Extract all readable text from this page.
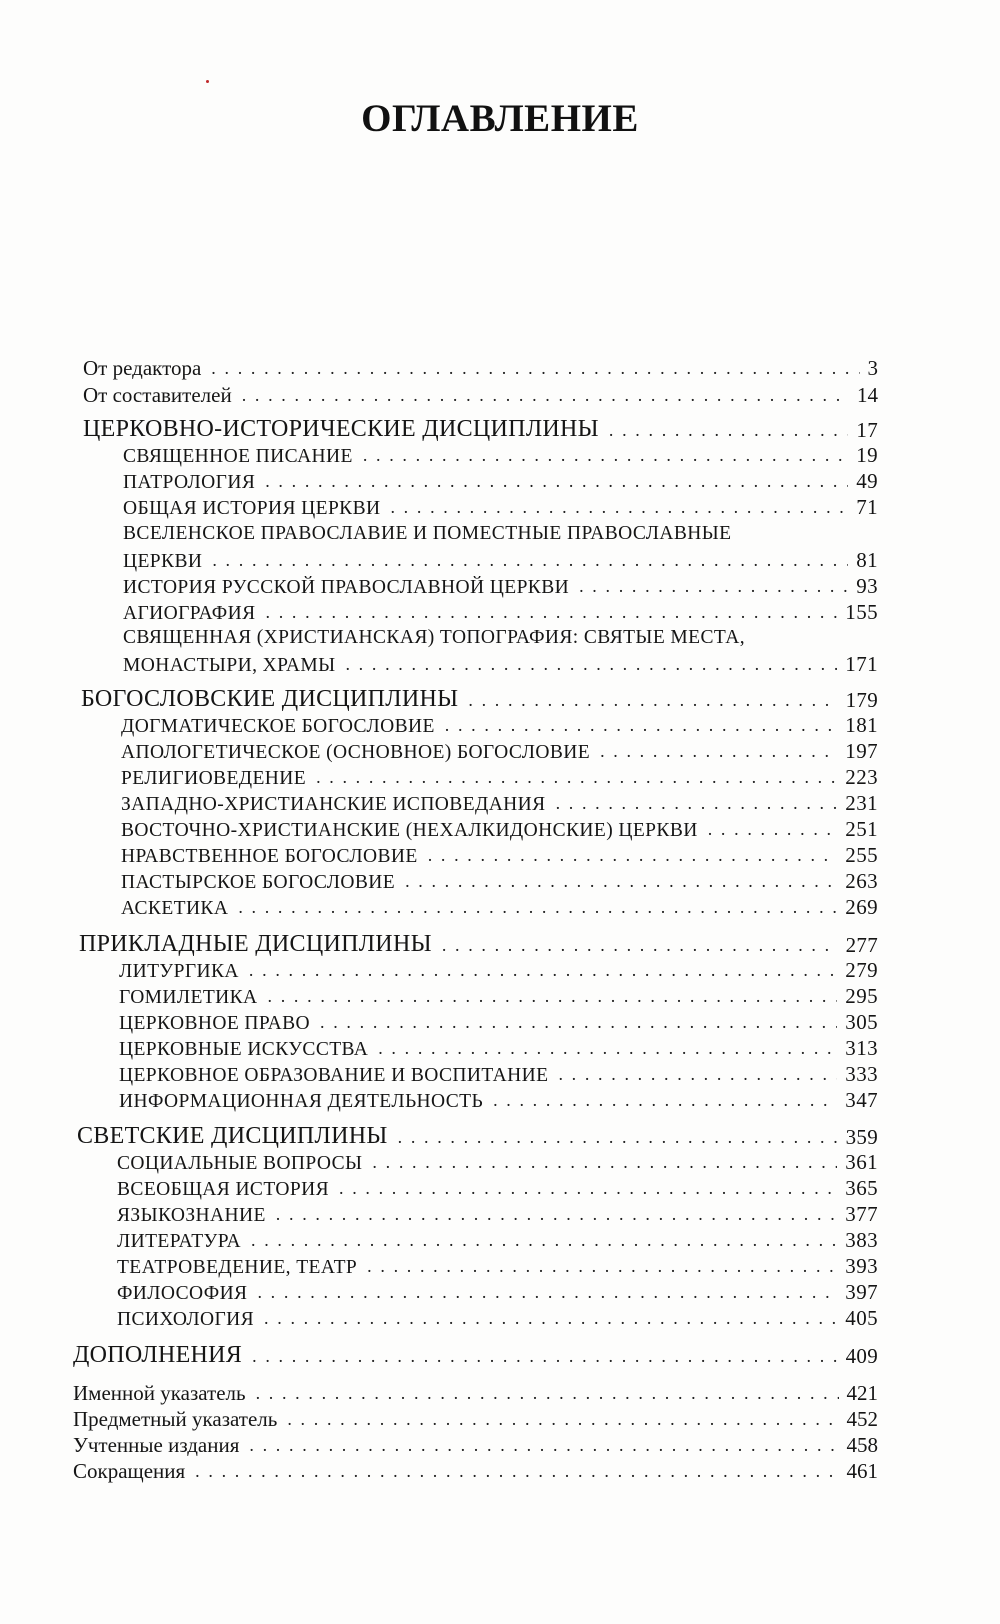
ОГЛАВЛЕНИЕ
От редактора . . .	3
От составителей . . .	14
ЦЕРКОВНО-ИСТОРИЧЕСКИЕ ДИСЦИПЛИНЫ . . .	17
СВЯЩЕННОЕ ПИСАНИЕ . . .	19
ПАТРОЛОГИЯ . . .	49
ОБЩАЯ ИСТОРИЯ ЦЕРКВИ . . .	71
ВСЕЛЕНСКОЕ ПРАВОСЛАВИЕ И ПОМЕСТНЫЕ ПРАВОСЛАВНЫЕ
ЦЕРКВИ . . .	81
ИСТОРИЯ РУССКОЙ ПРАВОСЛАВНОЙ ЦЕРКВИ . . .	93
АГИОГРАФИЯ . . .	155
СВЯЩЕННАЯ (ХРИСТИАНСКАЯ) ТОПОГРАФИЯ: СВЯТЫЕ МЕСТА,
МОНАСТЫРИ, ХРАМЫ . . .	171
БОГОСЛОВСКИЕ ДИСЦИПЛИНЫ . . .	179
ДОГМАТИЧЕСКОЕ БОГОСЛОВИЕ . . .	181
АПОЛОГЕТИЧЕСКОЕ (ОСНОВНОЕ) БОГОСЛОВИЕ . . .	197
РЕЛИГИОВЕДЕНИЕ . . .	223
ЗАПАДНО-ХРИСТИАНСКИЕ ИСПОВЕДАНИЯ . . .	231
ВОСТОЧНО-ХРИСТИАНСКИЕ (НЕХАЛКИДОНСКИЕ) ЦЕРКВИ . . .	251
НРАВСТВЕННОЕ БОГОСЛОВИЕ . . .	255
ПАСТЫРСКОЕ БОГОСЛОВИЕ . . .	263
АСКЕТИКА . . .	269
ПРИКЛАДНЫЕ ДИСЦИПЛИНЫ . . .	277
ЛИТУРГИКА . . .	279
ГОМИЛЕТИКА . . .	295
ЦЕРКОВНОЕ ПРАВО . . .	305
ЦЕРКОВНЫЕ ИСКУССТВА . . .	313
ЦЕРКОВНОЕ ОБРАЗОВАНИЕ И ВОСПИТАНИЕ . . .	333
ИНФОРМАЦИОННАЯ ДЕЯТЕЛЬНОСТЬ . . .	347
СВЕТСКИЕ ДИСЦИПЛИНЫ . . .	359
СОЦИАЛЬНЫЕ ВОПРОСЫ . . .	361
ВСЕОБЩАЯ ИСТОРИЯ . . .	365
ЯЗЫКОЗНАНИЕ . . .	377
ЛИТЕРАТУРА . . .	383
ТЕАТРОВЕДЕНИЕ, ТЕАТР . . .	393
ФИЛОСОФИЯ . . .	397
ПСИХОЛОГИЯ . . .	405
ДОПОЛНЕНИЯ . . .	409
Именной указатель . . .	421
Предметный указатель . . .	452
Учтенные издания . . .	458
Сокращения . . .	461
